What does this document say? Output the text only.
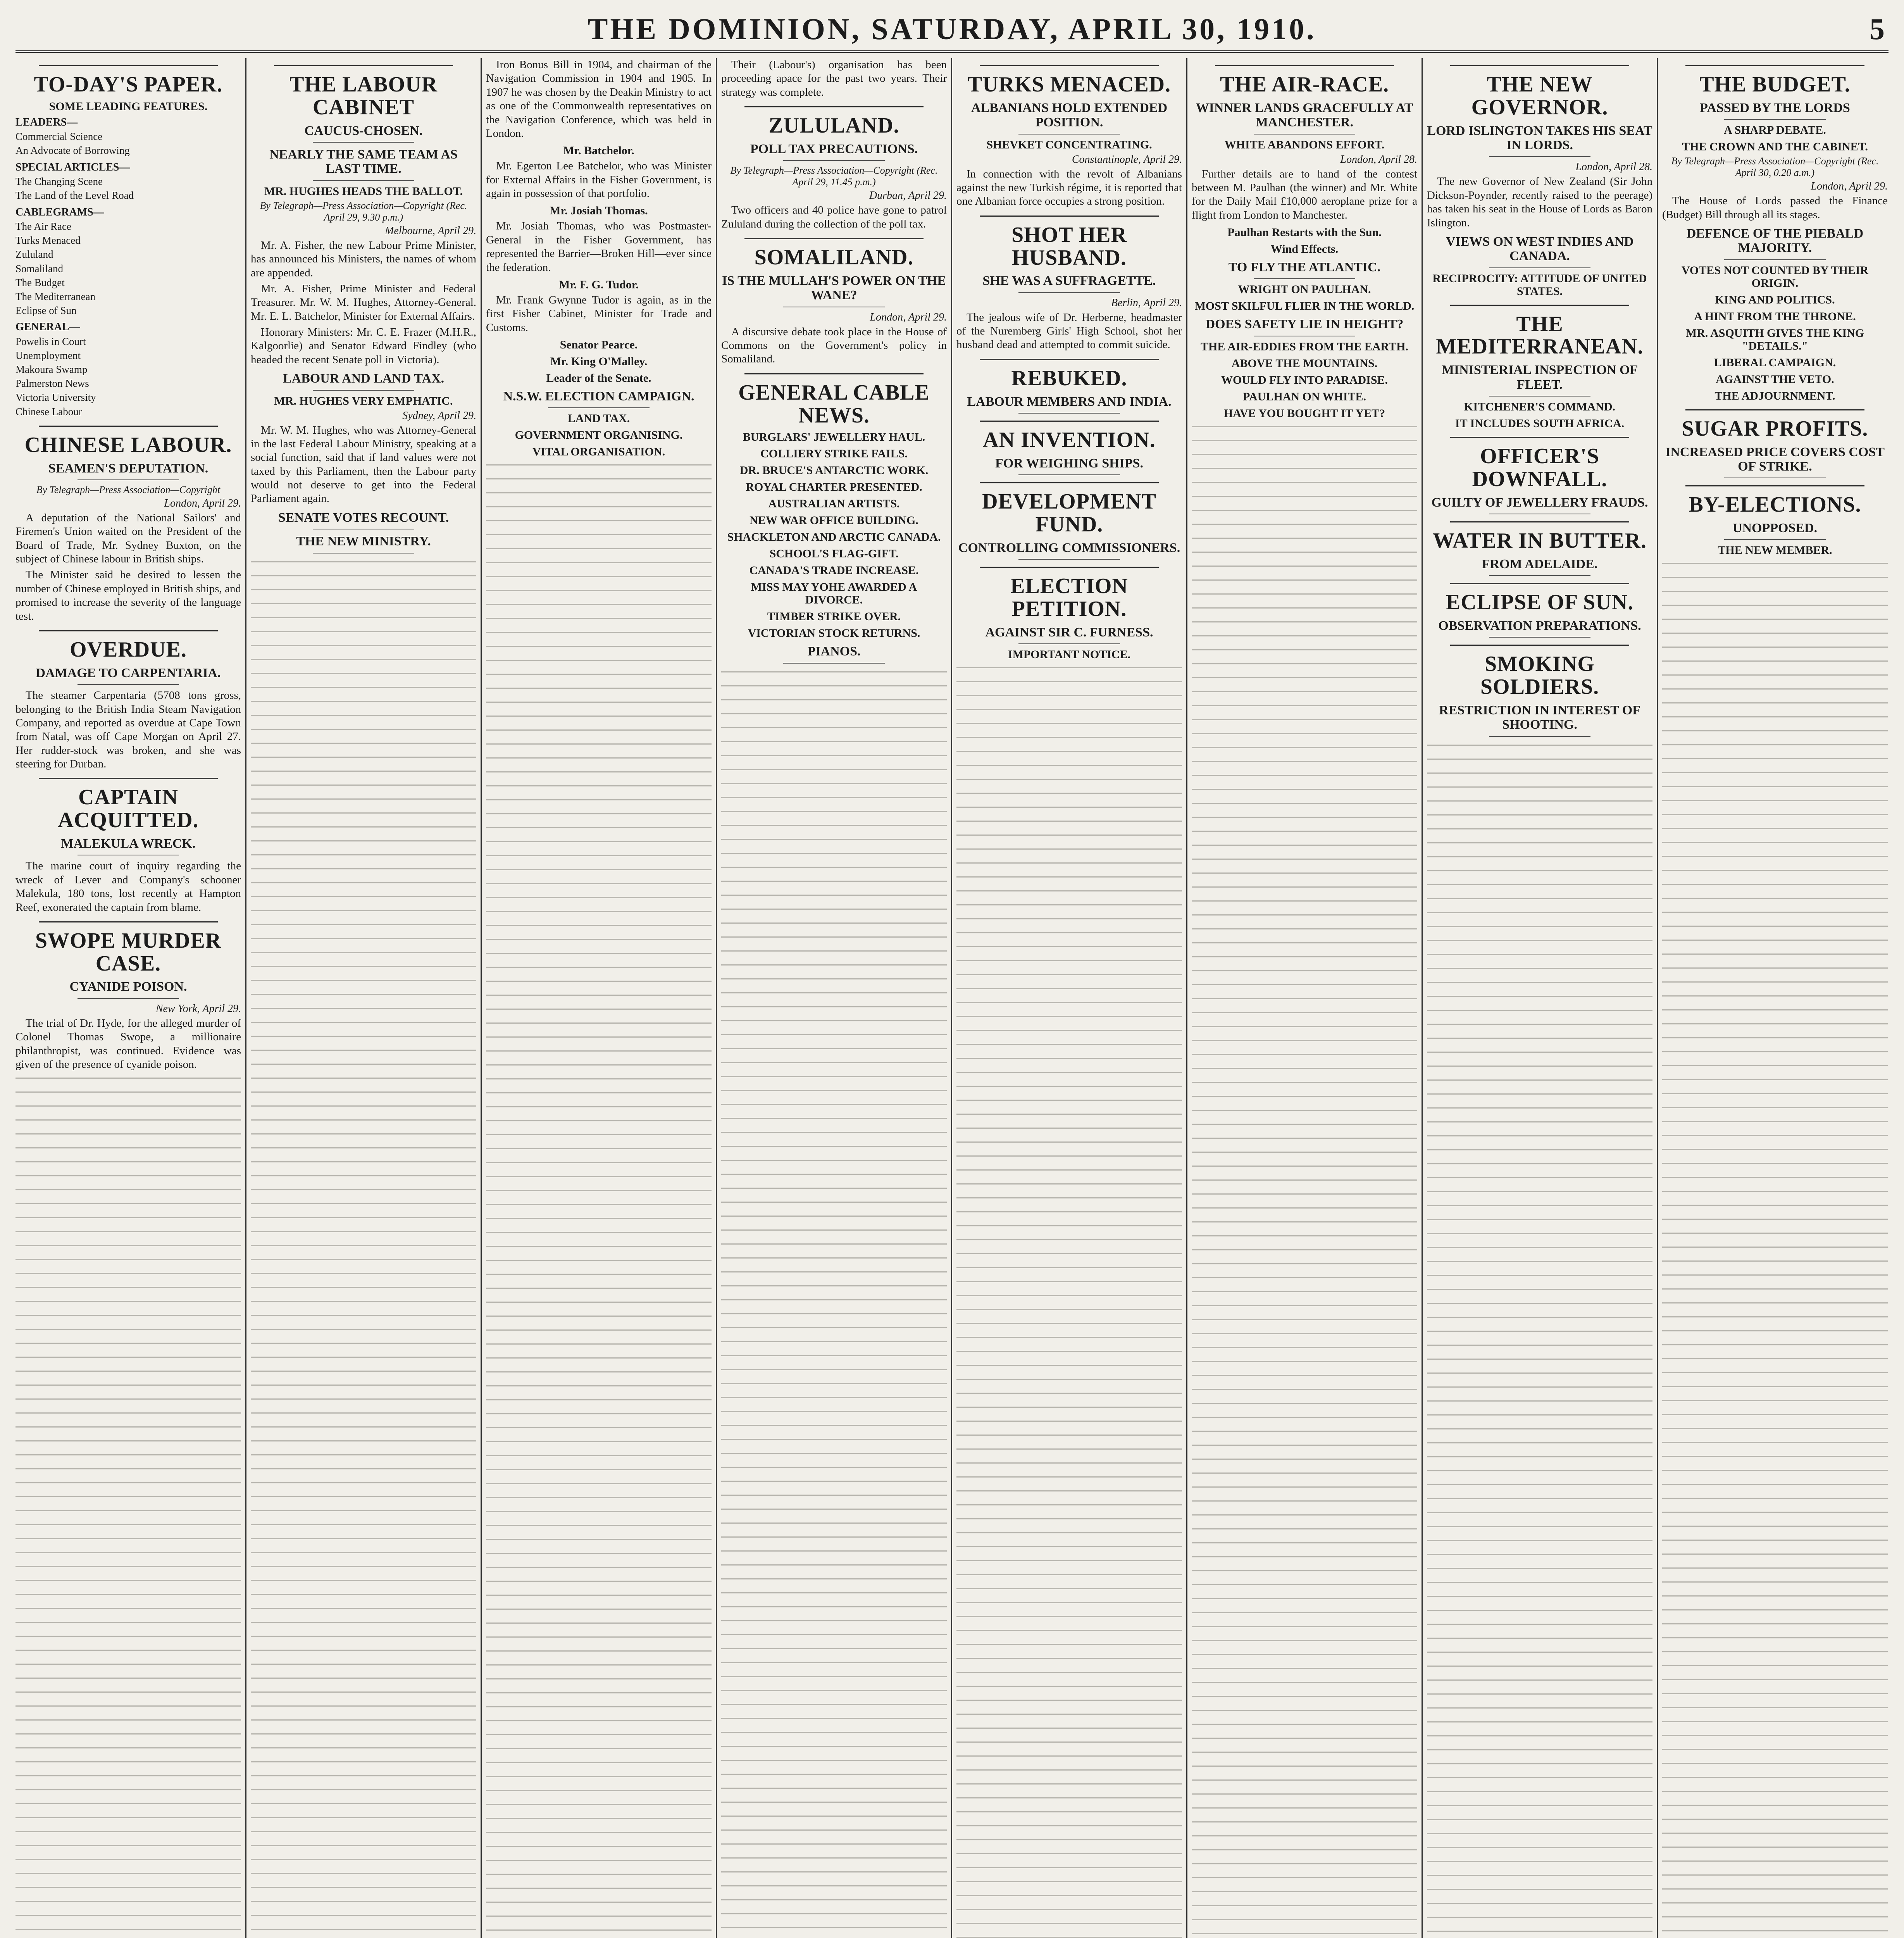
THE DOMINION, SATURDAY, APRIL 30, 1910.	5
TO-DAY'S PAPER.
SOME LEADING FEATURES.
LEADERS—
Commercial Science
An Advocate of Borrowing
SPECIAL ARTICLES—
The Changing Scene
The Land of the Level Road
CABLEGRAMS—
The Air Race
Turks Menaced
Zululand
Somaliland
The Budget
The Mediterranean
Eclipse of Sun
GENERAL—
Powelis in Court
Unemployment
Makoura Swamp
Palmerston News
Victoria University
Chinese Labour
CHINESE LABOUR.
SEAMEN'S DEPUTATION.
By Telegraph—Press Association—Copyright
London, April 29.

A deputation of the National Sailors' and Firemen's Union waited on the President of the Board of Trade, Mr. Sydney Buxton, on the subject of Chinese labour in British ships.

The Minister said he desired to lessen the number of Chinese employed in British ships, and promised to increase the severity of the language test.

OVERDUE.
DAMAGE TO CARPENTARIA.

The steamer Carpentaria (5708 tons gross, belonging to the British India Steam Navigation Company, and reported as overdue at Cape Town from Natal, was off Cape Morgan on April 27. Her rudder-stock was broken, and she was steering for Durban.

CAPTAIN ACQUITTED.
MALEKULA WRECK.

The marine court of inquiry regarding the wreck of Lever and Company's schooner Malekula, 180 tons, lost recently at Hampton Reef, exonerated the captain from blame.

SWOPE MURDER CASE.
CYANIDE POISON.
New York, April 29.

The trial of Dr. Hyde, for the alleged murder of Colonel Thomas Swope, a millionaire philanthropist, was continued. Evidence was given of the presence of cyanide poison.

THE LABOUR CABINET
CAUCUS-CHOSEN.
NEARLY THE SAME TEAM AS LAST TIME.
MR. HUGHES HEADS THE BALLOT.
By Telegraph—Press Association—Copyright (Rec. April 29, 9.30 p.m.)
Melbourne, April 29.

Mr. A. Fisher, the new Labour Prime Minister, has announced his Ministers, the names of whom are appended.

Mr. A. Fisher, Prime Minister and Federal Treasurer. Mr. W. M. Hughes, Attorney-General. Mr. E. L. Batchelor, Minister for External Affairs.

Honorary Ministers: Mr. C. E. Frazer (M.H.R., Kalgoorlie) and Senator Edward Findley (who headed the recent Senate poll in Victoria).

LABOUR AND LAND TAX.
MR. HUGHES VERY EMPHATIC.
Sydney, April 29.

Mr. W. M. Hughes, who was Attorney-General in the last Federal Labour Ministry, speaking at a social function, said that if land values were not taxed by this Parliament, then the Labour party would not deserve to get into the Federal Parliament again.

SENATE VOTES RECOUNT.
THE NEW MINISTRY.

Iron Bonus Bill in 1904, and chairman of the Navigation Commission in 1904 and 1905. In 1907 he was chosen by the Deakin Ministry to act as one of the Commonwealth representatives on the Navigation Conference, which was held in London.

Mr. Batchelor.

Mr. Egerton Lee Batchelor, who was Minister for External Affairs in the Fisher Government, is again in possession of that portfolio.

Mr. Josiah Thomas.

Mr. Josiah Thomas, who was Postmaster-General in the Fisher Government, has represented the Barrier—Broken Hill—ever since the federation.

Mr. F. G. Tudor.

Mr. Frank Gwynne Tudor is again, as in the first Fisher Cabinet, Minister for Trade and Customs.

Senator Pearce.
Mr. King O'Malley.
Leader of the Senate.
N.S.W. ELECTION CAMPAIGN.
LAND TAX.
GOVERNMENT ORGANISING.
VITAL ORGANISATION.

Their (Labour's) organisation has been proceeding apace for the past two years. Their strategy was complete.

ZULULAND.
POLL TAX PRECAUTIONS.
By Telegraph—Press Association—Copyright (Rec. April 29, 11.45 p.m.)
Durban, April 29.

Two officers and 40 police have gone to patrol Zululand during the collection of the poll tax.

SOMALILAND.
IS THE MULLAH'S POWER ON THE WANE?
London, April 29.

A discursive debate took place in the House of Commons on the Government's policy in Somaliland.

GENERAL CABLE NEWS.
BURGLARS' JEWELLERY HAUL.
COLLIERY STRIKE FAILS.
DR. BRUCE'S ANTARCTIC WORK.
ROYAL CHARTER PRESENTED.
AUSTRALIAN ARTISTS.
NEW WAR OFFICE BUILDING.
SHACKLETON AND ARCTIC CANADA.
SCHOOL'S FLAG-GIFT.
CANADA'S TRADE INCREASE.
MISS MAY YOHE AWARDED A DIVORCE.
TIMBER STRIKE OVER.
VICTORIAN STOCK RETURNS.
PIANOS.
TURKS MENACED.
ALBANIANS HOLD EXTENDED POSITION.
SHEVKET CONCENTRATING.
Constantinople, April 29.

In connection with the revolt of Albanians against the new Turkish régime, it is reported that one Albanian force occupies a strong position.

SHOT HER HUSBAND.
SHE WAS A SUFFRAGETTE.
Berlin, April 29.

The jealous wife of Dr. Herberne, headmaster of the Nuremberg Girls' High School, shot her husband dead and attempted to commit suicide.

REBUKED.
LABOUR MEMBERS AND INDIA.
AN INVENTION.
FOR WEIGHING SHIPS.
DEVELOPMENT FUND.
CONTROLLING COMMISSIONERS.
ELECTION PETITION.
AGAINST SIR C. FURNESS.
IMPORTANT NOTICE.
THE AIR-RACE.
WINNER LANDS GRACEFULLY AT MANCHESTER.
WHITE ABANDONS EFFORT.
London, April 28.

Further details are to hand of the contest between M. Paulhan (the winner) and Mr. White for the Daily Mail £10,000 aeroplane prize for a flight from London to Manchester.

Paulhan Restarts with the Sun.
Wind Effects.
TO FLY THE ATLANTIC.
WRIGHT ON PAULHAN.
MOST SKILFUL FLIER IN THE WORLD.
DOES SAFETY LIE IN HEIGHT?
THE AIR-EDDIES FROM THE EARTH.
ABOVE THE MOUNTAINS.
WOULD FLY INTO PARADISE.
PAULHAN ON WHITE.
HAVE YOU BOUGHT IT YET?
THE NEW GOVERNOR.
LORD ISLINGTON TAKES HIS SEAT IN LORDS.
London, April 28.

The new Governor of New Zealand (Sir John Dickson-Poynder, recently raised to the peerage) has taken his seat in the House of Lords as Baron Islington.

VIEWS ON WEST INDIES AND CANADA.
RECIPROCITY: ATTITUDE OF UNITED STATES.
THE MEDITERRANEAN.
MINISTERIAL INSPECTION OF FLEET.
KITCHENER'S COMMAND.
IT INCLUDES SOUTH AFRICA.
OFFICER'S DOWNFALL.
GUILTY OF JEWELLERY FRAUDS.
WATER IN BUTTER.
FROM ADELAIDE.
ECLIPSE OF SUN.
OBSERVATION PREPARATIONS.
SMOKING SOLDIERS.
RESTRICTION IN INTEREST OF SHOOTING.
THE BUDGET.
PASSED BY THE LORDS
A SHARP DEBATE.
THE CROWN AND THE CABINET.
By Telegraph—Press Association—Copyright (Rec. April 30, 0.20 a.m.)
London, April 29.

The House of Lords passed the Finance (Budget) Bill through all its stages.

DEFENCE OF THE PIEBALD MAJORITY.
VOTES NOT COUNTED BY THEIR ORIGIN.
KING AND POLITICS.
A HINT FROM THE THRONE.
MR. ASQUITH GIVES THE KING "DETAILS."
LIBERAL CAMPAIGN.
AGAINST THE VETO.
THE ADJOURNMENT.
SUGAR PROFITS.
INCREASED PRICE COVERS COST OF STRIKE.
BY-ELECTIONS.
UNOPPOSED.
THE NEW MEMBER.
